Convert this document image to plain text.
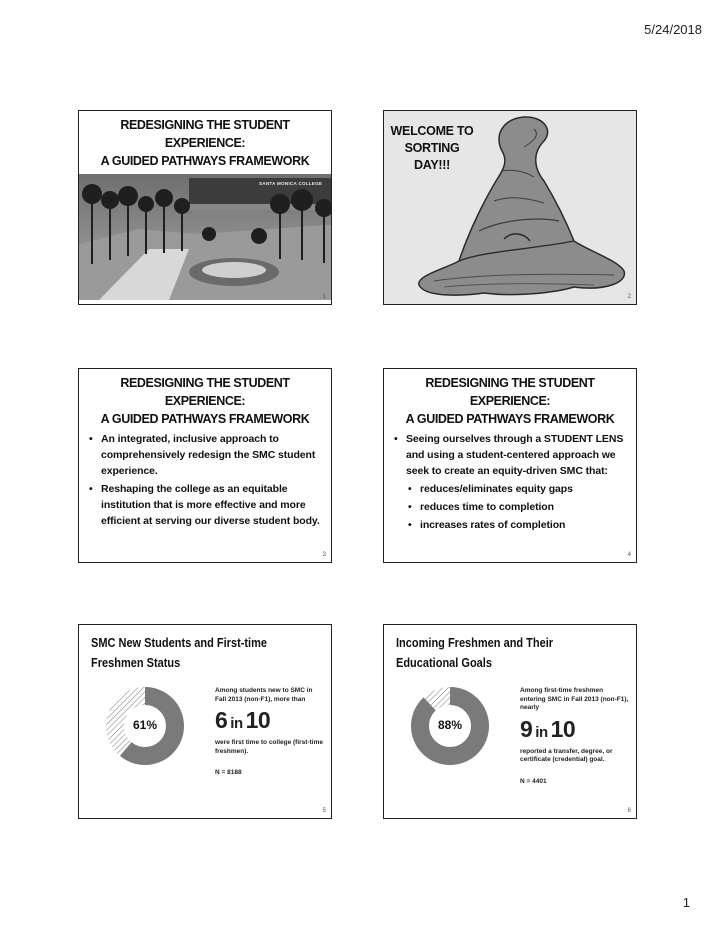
5/24/2018
REDESIGNING THE STUDENT
EXPERIENCE:
A GUIDED PATHWAYS FRAMEWORK
SANTA MONICA COLLEGE
1
WELCOME TO
SORTING
DAY!!!
2
REDESIGNING THE STUDENT
EXPERIENCE:
A GUIDED PATHWAYS FRAMEWORK
• An integrated, inclusive approach to comprehensively redesign the SMC student experience.
• Reshaping the college as an equitable institution that is more effective and more efficient at serving our diverse student body.
3
REDESIGNING THE STUDENT
EXPERIENCE:
A GUIDED PATHWAYS FRAMEWORK
• Seeing ourselves through a STUDENT LENS and using a student-centered approach we seek to create an equity-driven SMC that:
• reduces/eliminates equity gaps
• reduces time to completion
• increases rates of completion
4
SMC New Students and First-time
Freshmen Status
61%
Among students new to SMC in Fall 2013 (non-F1), more than
6 in 10
were first time to college (first-time freshmen).
N = 8188
5
Incoming Freshmen and Their
Educational Goals
88%
Among first-time freshmen entering SMC in Fall 2013 (non-F1), nearly
9 in 10
reported a transfer, degree, or certificate (credential) goal.
N = 4401
6
1
